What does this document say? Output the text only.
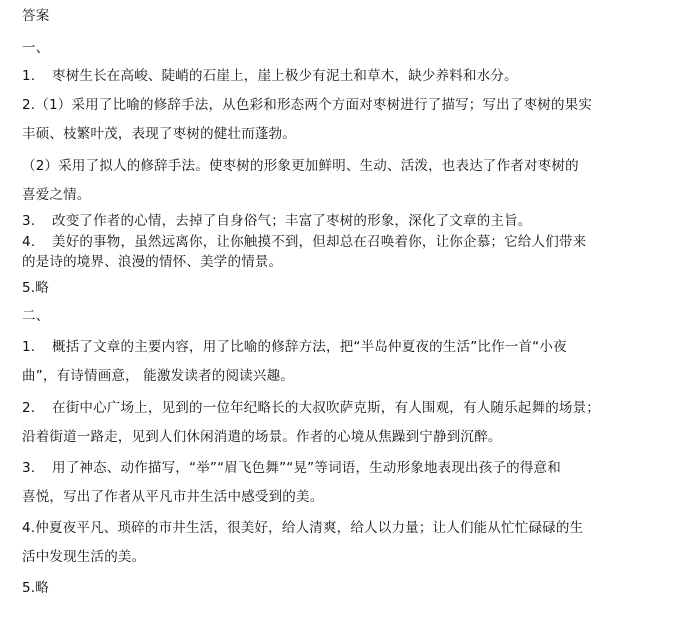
答案
一、
1. 枣树生长在高峻、陡峭的石崖上，崖上极少有泥土和草木，缺少养料和水分。
2.（1）采用了比喻的修辞手法，从色彩和形态两个方面对枣树进行了描写；写出了枣树的果实
丰硕、枝繁叶茂，表现了枣树的健壮而蓬勃。
（2）采用了拟人的修辞手法。使枣树的形象更加鲜明、生动、活泼，也表达了作者对枣树的
喜爱之情。
3. 改变了作者的心情，去掉了自身俗气；丰富了枣树的形象，深化了文章的主旨。
4. 美好的事物，虽然远离你，让你触摸不到，但却总在召唤着你，让你企慕；它给人们带来
的是诗的境界、浪漫的情怀、美学的情景。
5.略
二、
1. 概括了文章的主要内容，用了比喻的修辞方法，把“半岛仲夏夜的生活”比作一首“小夜
曲”，有诗情画意， 能激发读者的阅读兴趣。
2. 在街中心广场上，见到的一位年纪略长的大叔吹萨克斯，有人围观，有人随乐起舞的场景；
沿着街道一路走，见到人们休闲消遣的场景。作者的心境从焦躁到宁静到沉醉。
3. 用了神态、动作描写，“举”“眉飞色舞”“晃”等词语，生动形象地表现出孩子的得意和
喜悦，写出了作者从平凡市井生活中感受到的美。
4.仲夏夜平凡、琐碎的市井生活，很美好，给人清爽，给人以力量；让人们能从忙忙碌碌的生
活中发现生活的美。
5.略
